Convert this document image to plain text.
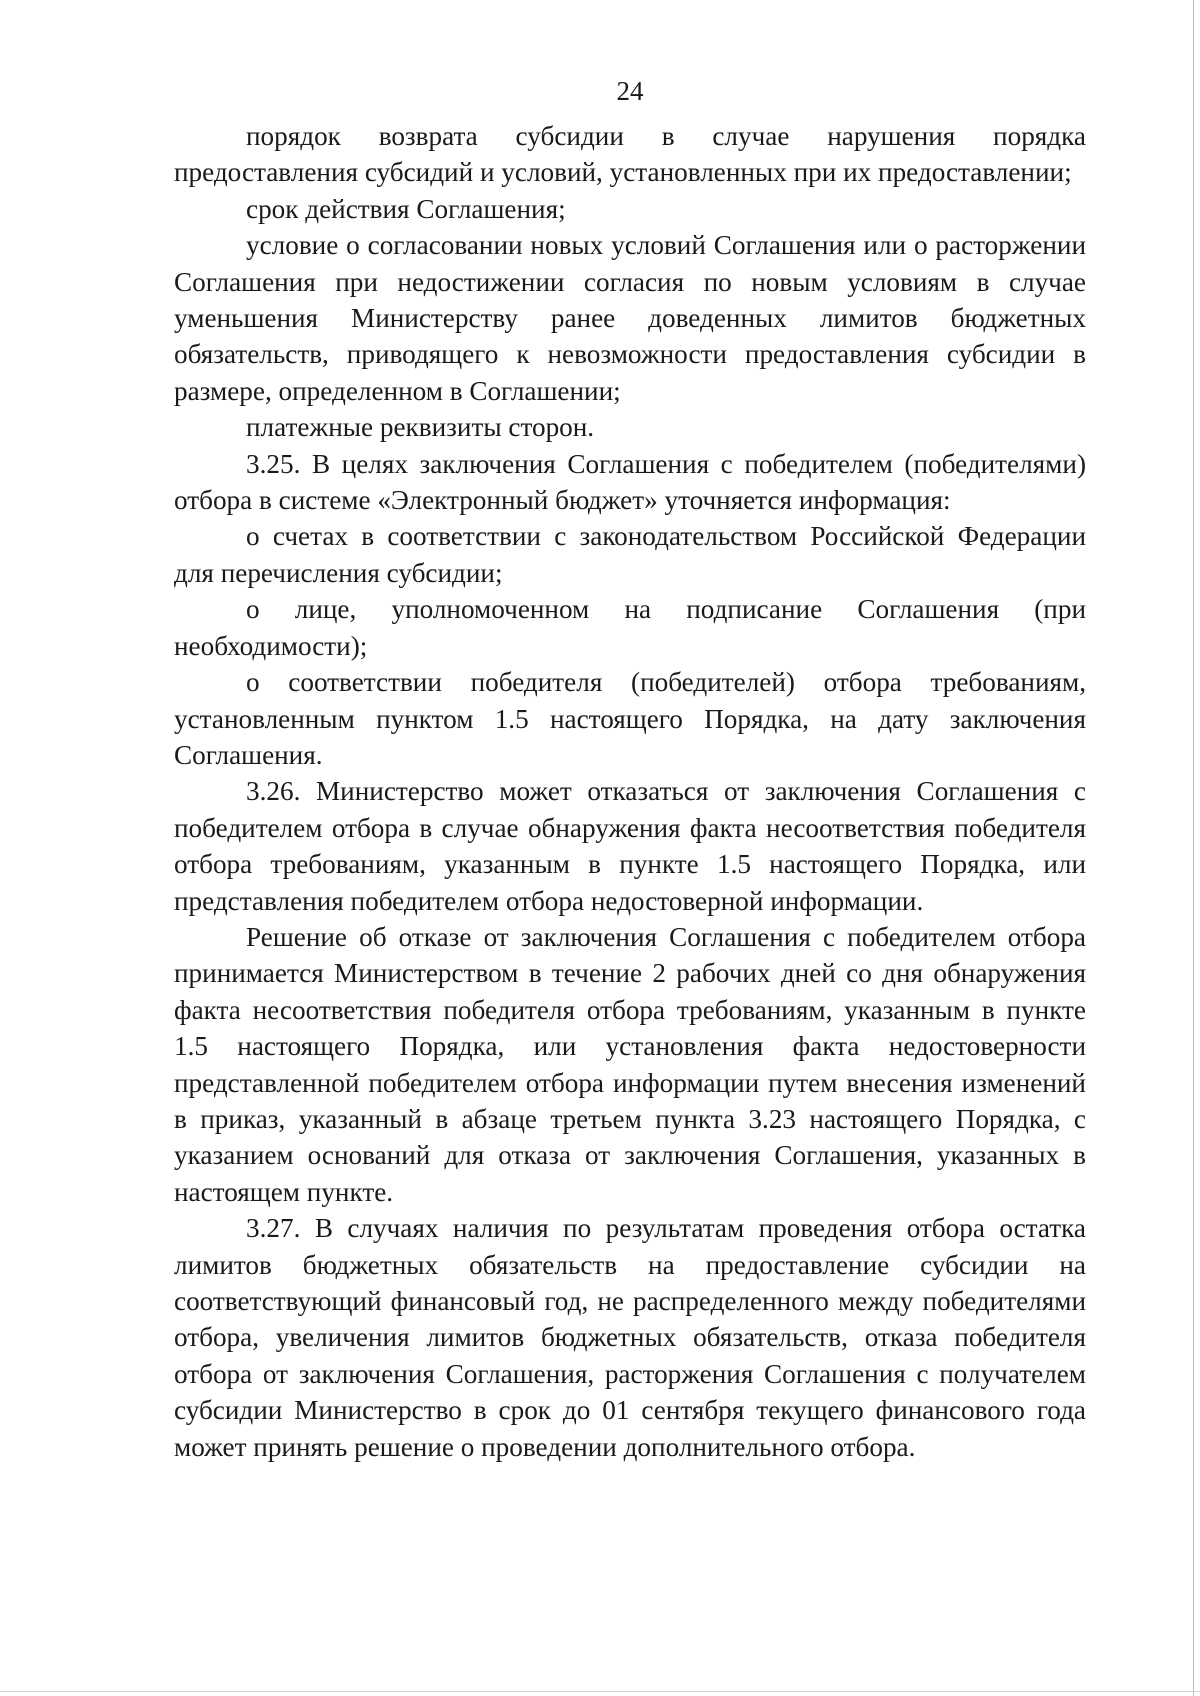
24

порядок возврата субсидии в случае нарушения порядка предоставления субсидий и условий, установленных при их предоставлении;

срок действия Соглашения;

условие о согласовании новых условий Соглашения или о расторжении Соглашения при недостижении согласия по новым условиям в случае уменьшения Министерству ранее доведенных лимитов бюджетных обязательств, приводящего к невозможности предоставления субсидии в размере, определенном в Соглашении;

платежные реквизиты сторон.

3.25. В целях заключения Соглашения с победителем (победителями) отбора в системе «Электронный бюджет» уточняется информация:

о счетах в соответствии с законодательством Российской Федерации для перечисления субсидии;

о лице, уполномоченном на подписание Соглашения (при необходимости);

о соответствии победителя (победителей) отбора требованиям, установленным пунктом 1.5 настоящего Порядка, на дату заключения Соглашения.

3.26. Министерство может отказаться от заключения Соглашения с победителем отбора в случае обнаружения факта несоответствия победителя отбора требованиям, указанным в пункте 1.5 настоящего Порядка, или представления победителем отбора недостоверной информации.

Решение об отказе от заключения Соглашения с победителем отбора принимается Министерством в течение 2 рабочих дней со дня обнаружения факта несоответствия победителя отбора требованиям, указанным в пункте 1.5 настоящего Порядка, или установления факта недостоверности представленной победителем отбора информации путем внесения изменений в приказ, указанный в абзаце третьем пункта 3.23 настоящего Порядка, с указанием оснований для отказа от заключения Соглашения, указанных в настоящем пункте.

3.27. В случаях наличия по результатам проведения отбора остатка лимитов бюджетных обязательств на предоставление субсидии на соответствующий финансовый год, не распределенного между победителями отбора, увеличения лимитов бюджетных обязательств, отказа победителя отбора от заключения Соглашения, расторжения Соглашения с получателем субсидии Министерство в срок до 01 сентября текущего финансового года может принять решение о проведении дополнительного отбора.
